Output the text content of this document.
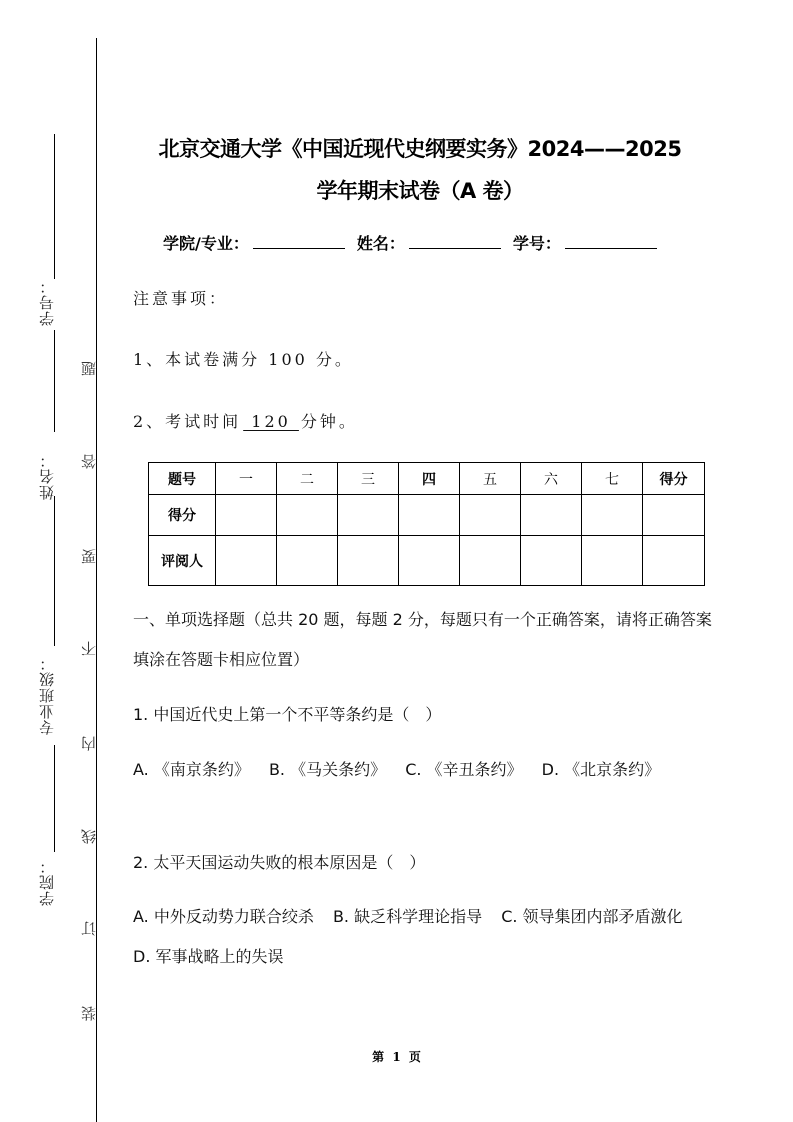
学号：
姓名：
专业班级：
学院：
题
答
要
不
内
线
订
装
北京交通大学《中国近现代史纲要实务》2024——2025
学年期末试卷（A 卷）
学院/专业：	姓名：	学号：
注意事项：
1、本试卷满分 100 分。
2、考试时间 120 分钟。
题号	一	二	三	四	五	六	七	得分
得分								
评阅人								
一、单项选择题（总共 20 题，每题 2 分，每题只有一个正确答案，请将正确答案填涂在答题卡相应位置）
1. 中国近代史上第一个不平等条约是（　）
A. 《南京条约》 B. 《马关条约》 C. 《辛丑条约》 D. 《北京条约》
2. 太平天国运动失败的根本原因是（　）
A. 中外反动势力联合绞杀 B. 缺乏科学理论指导 C. 领导集团内部矛盾激化 D. 军事战略上的失误
第 1 页
